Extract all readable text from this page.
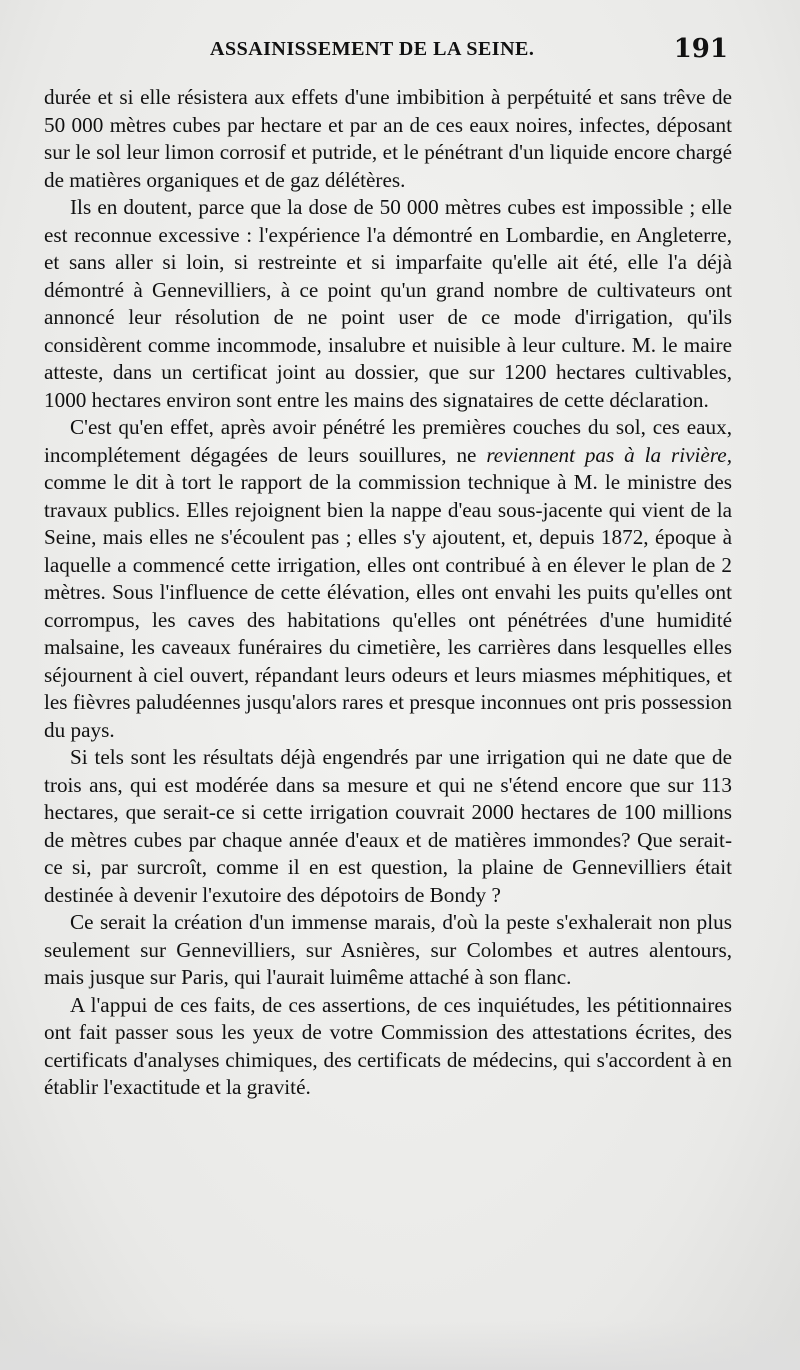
ASSAINISSEMENT DE LA SEINE.	191

durée et si elle résistera aux effets d'une imbibition à perpétuité et sans trêve de 50 000 mètres cubes par hectare et par an de ces eaux noires, infectes, déposant sur le sol leur limon corrosif et putride, et le pénétrant d'un liquide encore chargé de matières organiques et de gaz délétères.

Ils en doutent, parce que la dose de 50 000 mètres cubes est impossible ; elle est reconnue excessive : l'expérience l'a démontré en Lombardie, en Angleterre, et sans aller si loin, si restreinte et si imparfaite qu'elle ait été, elle l'a déjà démontré à Gennevilliers, à ce point qu'un grand nombre de cultivateurs ont annoncé leur résolution de ne point user de ce mode d'irrigation, qu'ils considèrent comme incommode, insalubre et nuisible à leur culture. M. le maire atteste, dans un certificat joint au dossier, que sur 1200 hectares cultivables, 1000 hectares environ sont entre les mains des signataires de cette déclaration.

C'est qu'en effet, après avoir pénétré les premières couches du sol, ces eaux, incomplétement dégagées de leurs souillures, ne reviennent pas à la rivière, comme le dit à tort le rapport de la commission technique à M. le ministre des travaux publics. Elles rejoignent bien la nappe d'eau sous-jacente qui vient de la Seine, mais elles ne s'écoulent pas ; elles s'y ajoutent, et, depuis 1872, époque à laquelle a commencé cette irrigation, elles ont contribué à en élever le plan de 2 mètres. Sous l'influence de cette élévation, elles ont envahi les puits qu'elles ont corrompus, les caves des habitations qu'elles ont pénétrées d'une humidité malsaine, les caveaux funéraires du cimetière, les carrières dans lesquelles elles séjournent à ciel ouvert, répandant leurs odeurs et leurs miasmes méphitiques, et les fièvres paludéennes jusqu'alors rares et presque inconnues ont pris possession du pays.

Si tels sont les résultats déjà engendrés par une irrigation qui ne date que de trois ans, qui est modérée dans sa mesure et qui ne s'étend encore que sur 113 hectares, que serait-ce si cette irrigation couvrait 2000 hectares de 100 millions de mètres cubes par chaque année d'eaux et de matières immondes? Que serait-ce si, par surcroît, comme il en est question, la plaine de Gennevilliers était destinée à devenir l'exutoire des dépotoirs de Bondy ?

Ce serait la création d'un immense marais, d'où la peste s'exhalerait non plus seulement sur Gennevilliers, sur Asnières, sur Colombes et autres alentours, mais jusque sur Paris, qui l'aurait luimême attaché à son flanc.

A l'appui de ces faits, de ces assertions, de ces inquiétudes, les pétitionnaires ont fait passer sous les yeux de votre Commission des attestations écrites, des certificats d'analyses chimiques, des certificats de médecins, qui s'accordent à en établir l'exactitude et la gravité.
